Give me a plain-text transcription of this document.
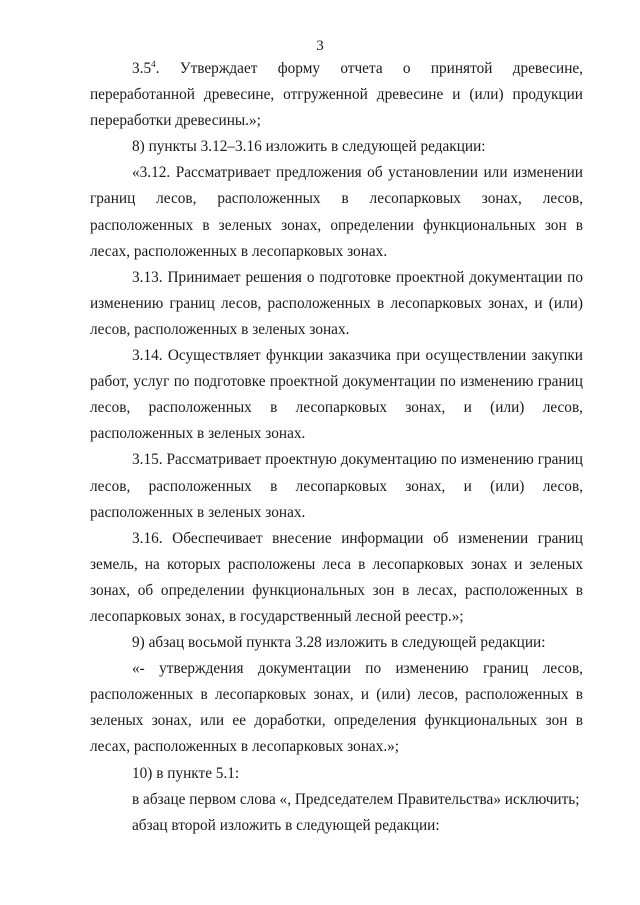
3

$3.5^4$. Утверждает форму отчета о принятой древесине, переработанной древесине, отгруженной древесине и (или) продукции переработки древесины.»;

8) пункты 3.12–3.16 изложить в следующей редакции:

«3.12. Рассматривает предложения об установлении или изменении границ лесов, расположенных в лесопарковых зонах, лесов, расположенных в зеленых зонах, определении функциональных зон в лесах, расположенных в лесопарковых зонах.

3.13. Принимает решения о подготовке проектной документации по изменению границ лесов, расположенных в лесопарковых зонах, и (или) лесов, расположенных в зеленых зонах.

3.14. Осуществляет функции заказчика при осуществлении закупки работ, услуг по подготовке проектной документации по изменению границ лесов, расположенных в лесопарковых зонах, и (или) лесов, расположенных в зеленых зонах.

3.15. Рассматривает проектную документацию по изменению границ лесов, расположенных в лесопарковых зонах, и (или) лесов, расположенных в зеленых зонах.

3.16. Обеспечивает внесение информации об изменении границ земель, на которых расположены леса в лесопарковых зонах и зеленых зонах, об определении функциональных зон в лесах, расположенных в лесопарковых зонах, в государственный лесной реестр.»;

9) абзац восьмой пункта 3.28 изложить в следующей редакции:

«- утверждения документации по изменению границ лесов, расположенных в лесопарковых зонах, и (или) лесов, расположенных в зеленых зонах, или ее доработки, определения функциональных зон в лесах, расположенных в лесопарковых зонах.»;

10) в пункте 5.1:

в абзаце первом слова «, Председателем Правительства» исключить;

абзац второй изложить в следующей редакции:
